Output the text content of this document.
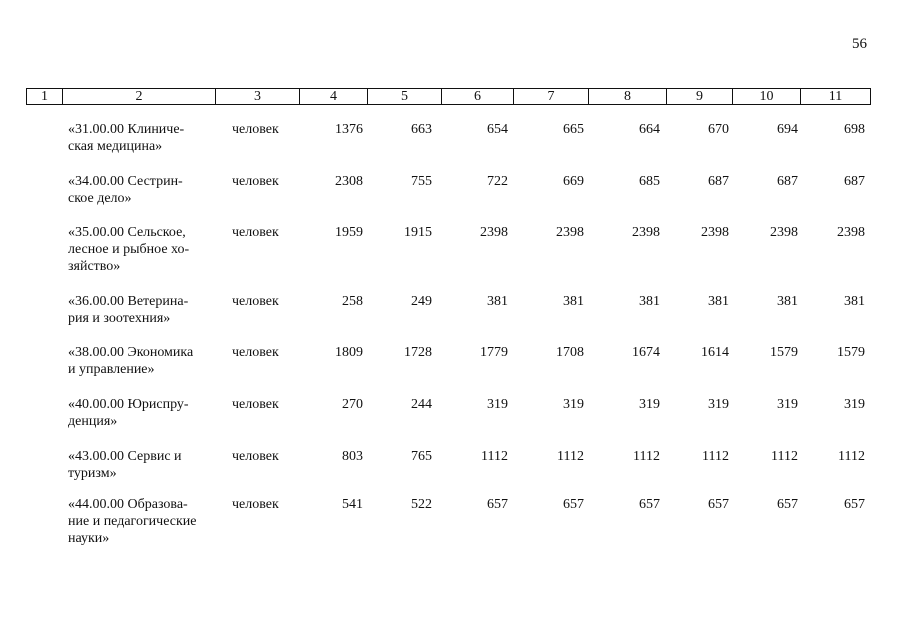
56
1	2	3	4	5	6	7	8	9	10	11
«31.00.00 Клиниче-
ская медицина»
человек	1376	663	654	665	664	670	694	698
«34.00.00 Сестрин-
ское дело»
человек	2308	755	722	669	685	687	687	687
«35.00.00 Сельское,
лесное и рыбное хо-
зяйство»
человек	1959	1915	2398	2398	2398	2398	2398	2398
«36.00.00 Ветерина-
рия и зоотехния»
человек	258	249	381	381	381	381	381	381
«38.00.00 Экономика
и управление»
человек	1809	1728	1779	1708	1674	1614	1579	1579
«40.00.00 Юриспру-
денция»
человек	270	244	319	319	319	319	319	319
«43.00.00 Сервис и
туризм»
человек	803	765	1112	1112	1112	1112	1112	1112
«44.00.00 Образова-
ние и педагогические
науки»
человек	541	522	657	657	657	657	657	657
